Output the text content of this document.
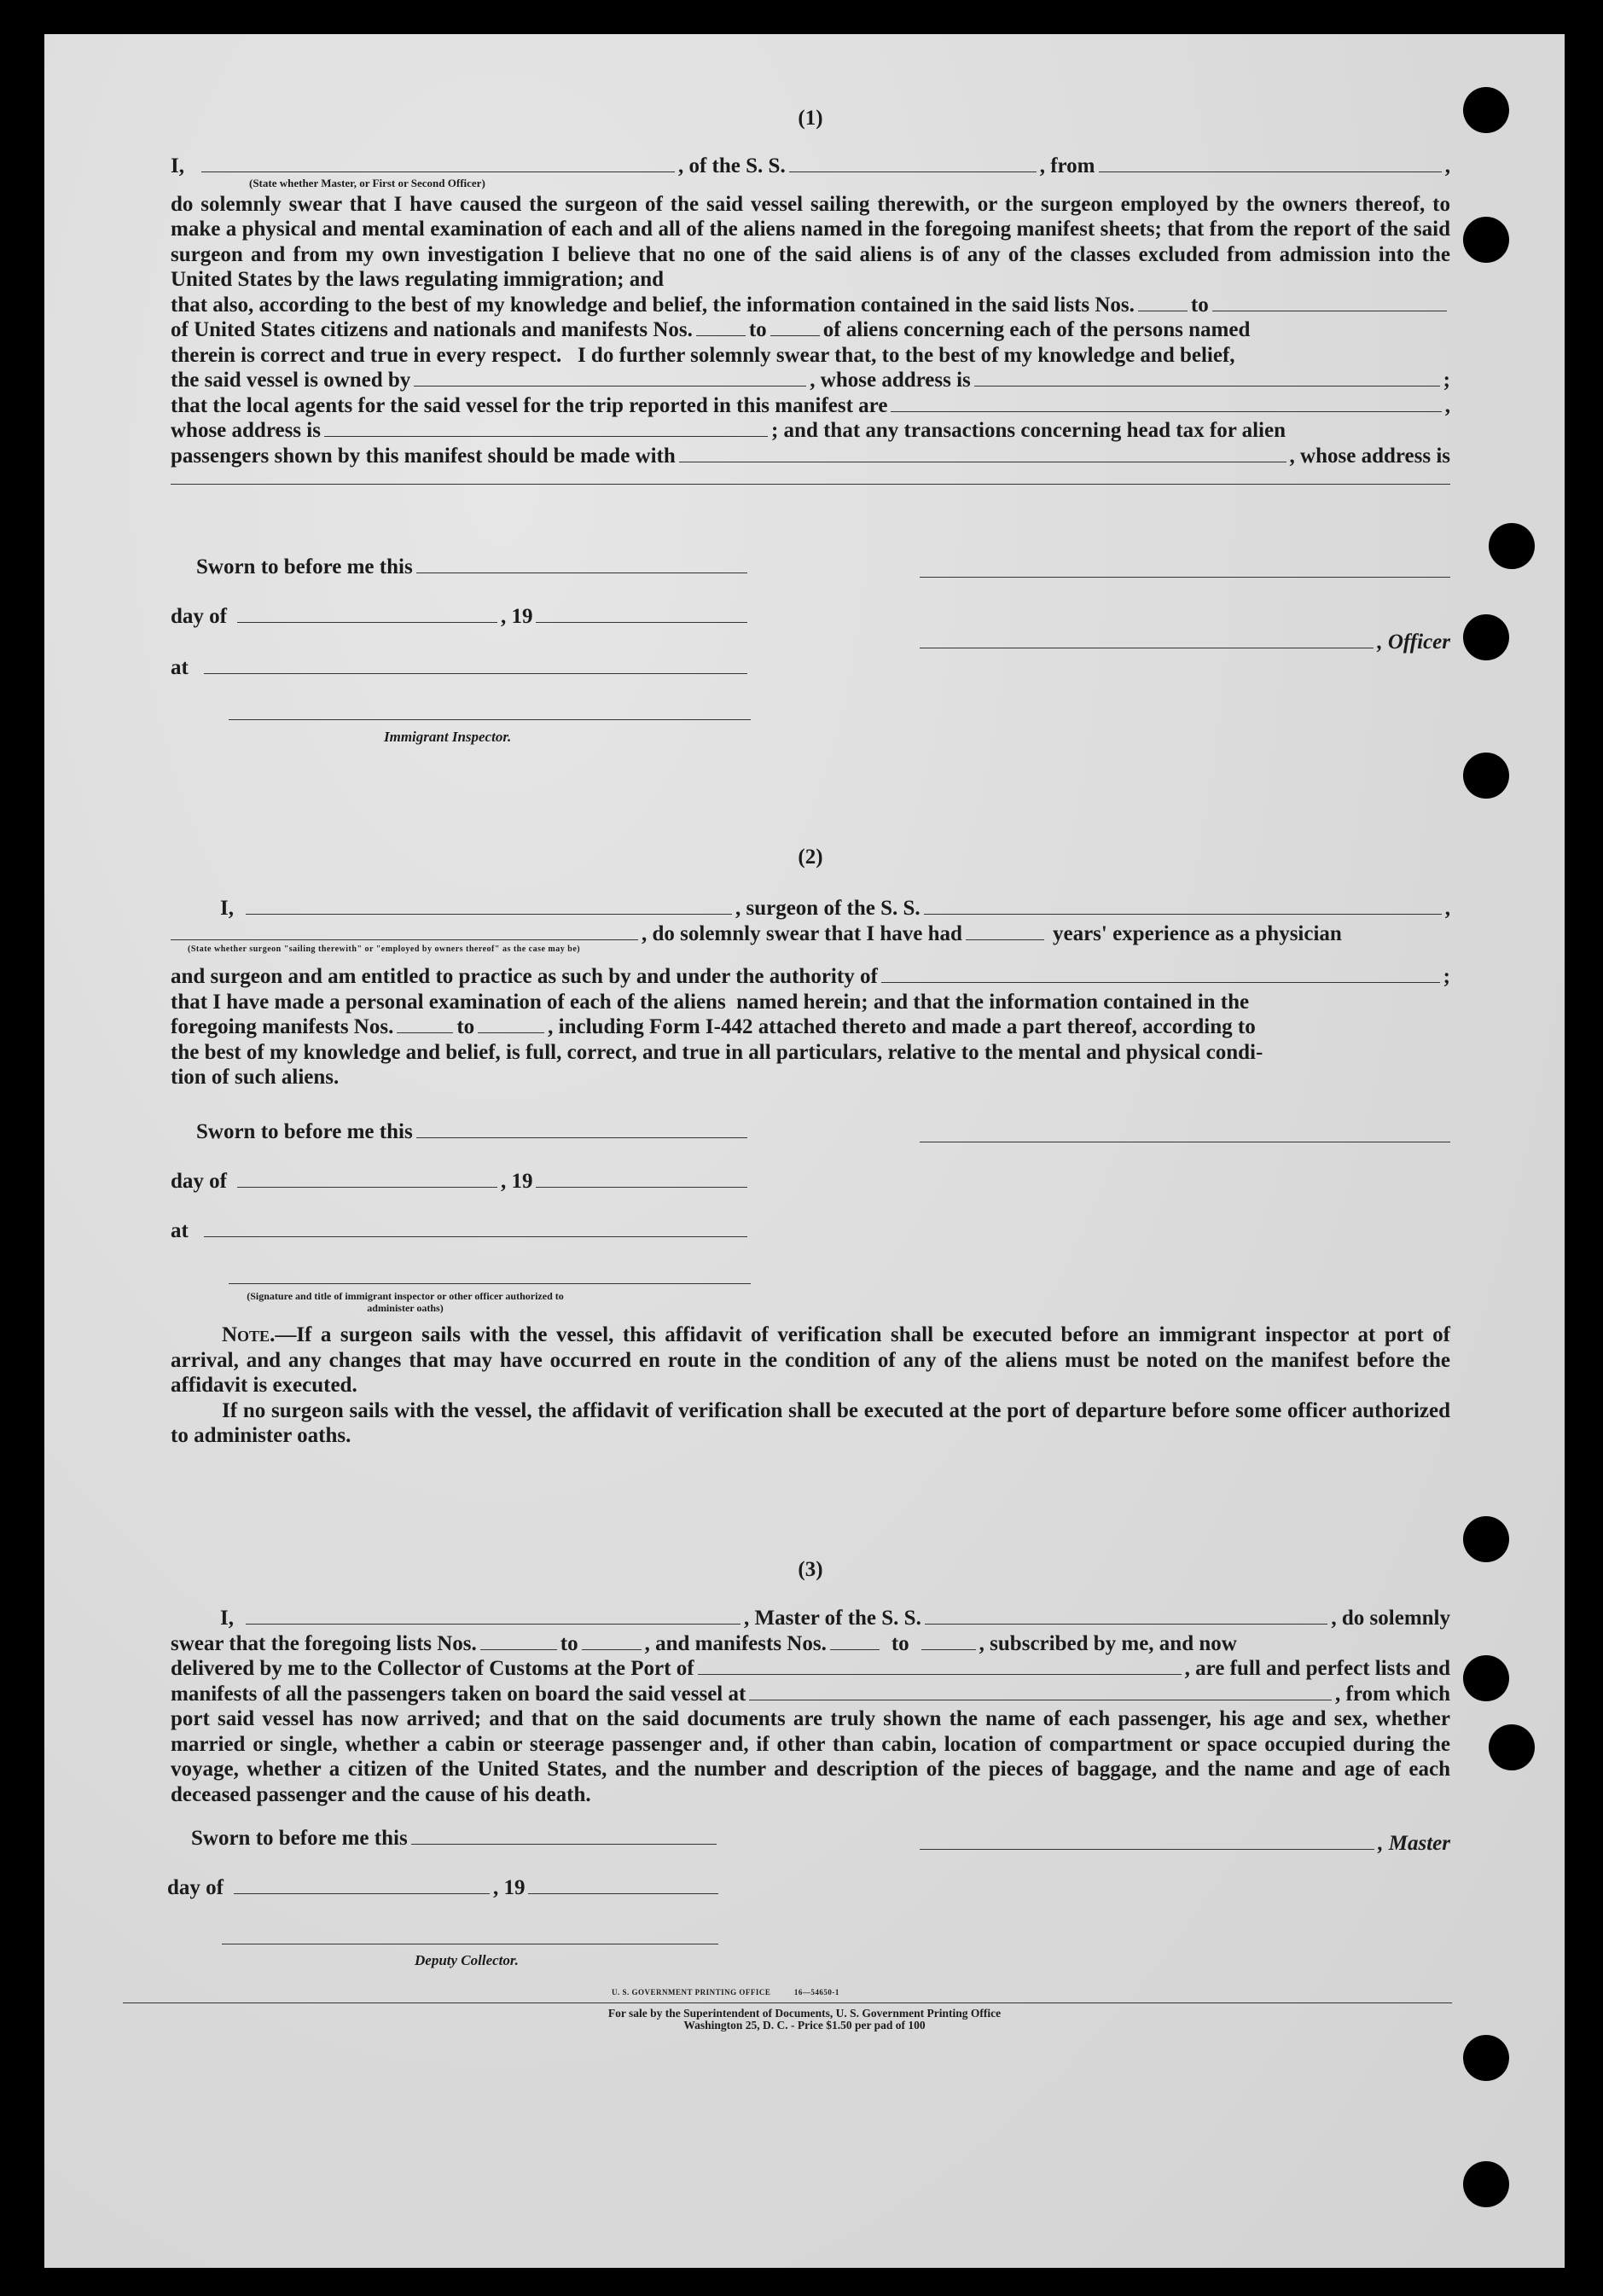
(1)
I,	, of the S. S.	, from	,
(State whether Master, or First or Second Officer)

do solemnly swear that I have caused the surgeon of the said vessel sailing therewith, or the surgeon employed by the owners thereof, to make a physical and mental examination of each and all of the aliens named in the foregoing manifest sheets; that from the report of the said surgeon and from my own investigation I believe that no one of the said aliens is of any of the classes excluded from admission into the United States by the laws regulating immigration; and

that also, according to the best of my knowledge and belief, the information contained in the said lists Nos.	to
of United States citizens and nationals and manifests Nos.	to	of aliens concerning each of the persons named
therein is correct and true in every respect.   I do further solemnly swear that, to the best of my knowledge and belief,
the said vessel is owned by	, whose address is	;
that the local agents for the said vessel for the trip reported in this manifest are	,
whose address is	; and that any transactions concerning head tax for alien
passengers shown by this manifest should be made with	, whose address is
Sworn to before me this
day of	, 19
, Officer
at
Immigrant Inspector.
(2)
I,	, surgeon of the S. S.	,
, do solemnly swear that I have had	years' experience as a physician
(State whether surgeon "sailing therewith" or "employed by owners thereof" as the case may be)
and surgeon and am entitled to practice as such by and under the authority of	;
that I have made a personal examination of each of the aliens  named herein; and that the information contained in the
foregoing manifests Nos.	to	, including Form I-442 attached thereto and made a part thereof, according to
the best of my knowledge and belief, is full, correct, and true in all particulars, relative to the mental and physical condi-
tion of such aliens.
Sworn to before me this
day of	, 19
at
(Signature and title of immigrant inspector or other officer authorized to administer oaths)

Note.—If a surgeon sails with the vessel, this affidavit of verification shall be executed before an immigrant inspector at port of arrival, and any changes that may have occurred en route in the condition of any of the aliens must be noted on the manifest before the affidavit is executed.

If no surgeon sails with the vessel, the affidavit of verification shall be executed at the port of departure before some officer authorized to administer oaths.

(3)
I,	, Master of the S. S.	, do solemnly
swear that the foregoing lists Nos.	to	, and manifests Nos.	to	, subscribed by me, and now
delivered by me to the Collector of Customs at the Port of	, are full and perfect lists and
manifests of all the passengers taken on board the said vessel at	, from which

port said vessel has now arrived; and that on the said documents are truly shown the name of each passenger, his age and sex, whether married or single, whether a cabin or steerage passenger and, if other than cabin, location of compartment or space occupied during the voyage, whether a citizen of the United States, and the number and description of the pieces of baggage, and the name and age of each deceased passenger and the cause of his death.

Sworn to before me this	, Master
day of	, 19
Deputy Collector.
U. S. GOVERNMENT PRINTING OFFICE          16—54650-1
For sale by the Superintendent of Documents, U. S. Government Printing Office
Washington 25, D. C. - Price $1.50 per pad of 100
